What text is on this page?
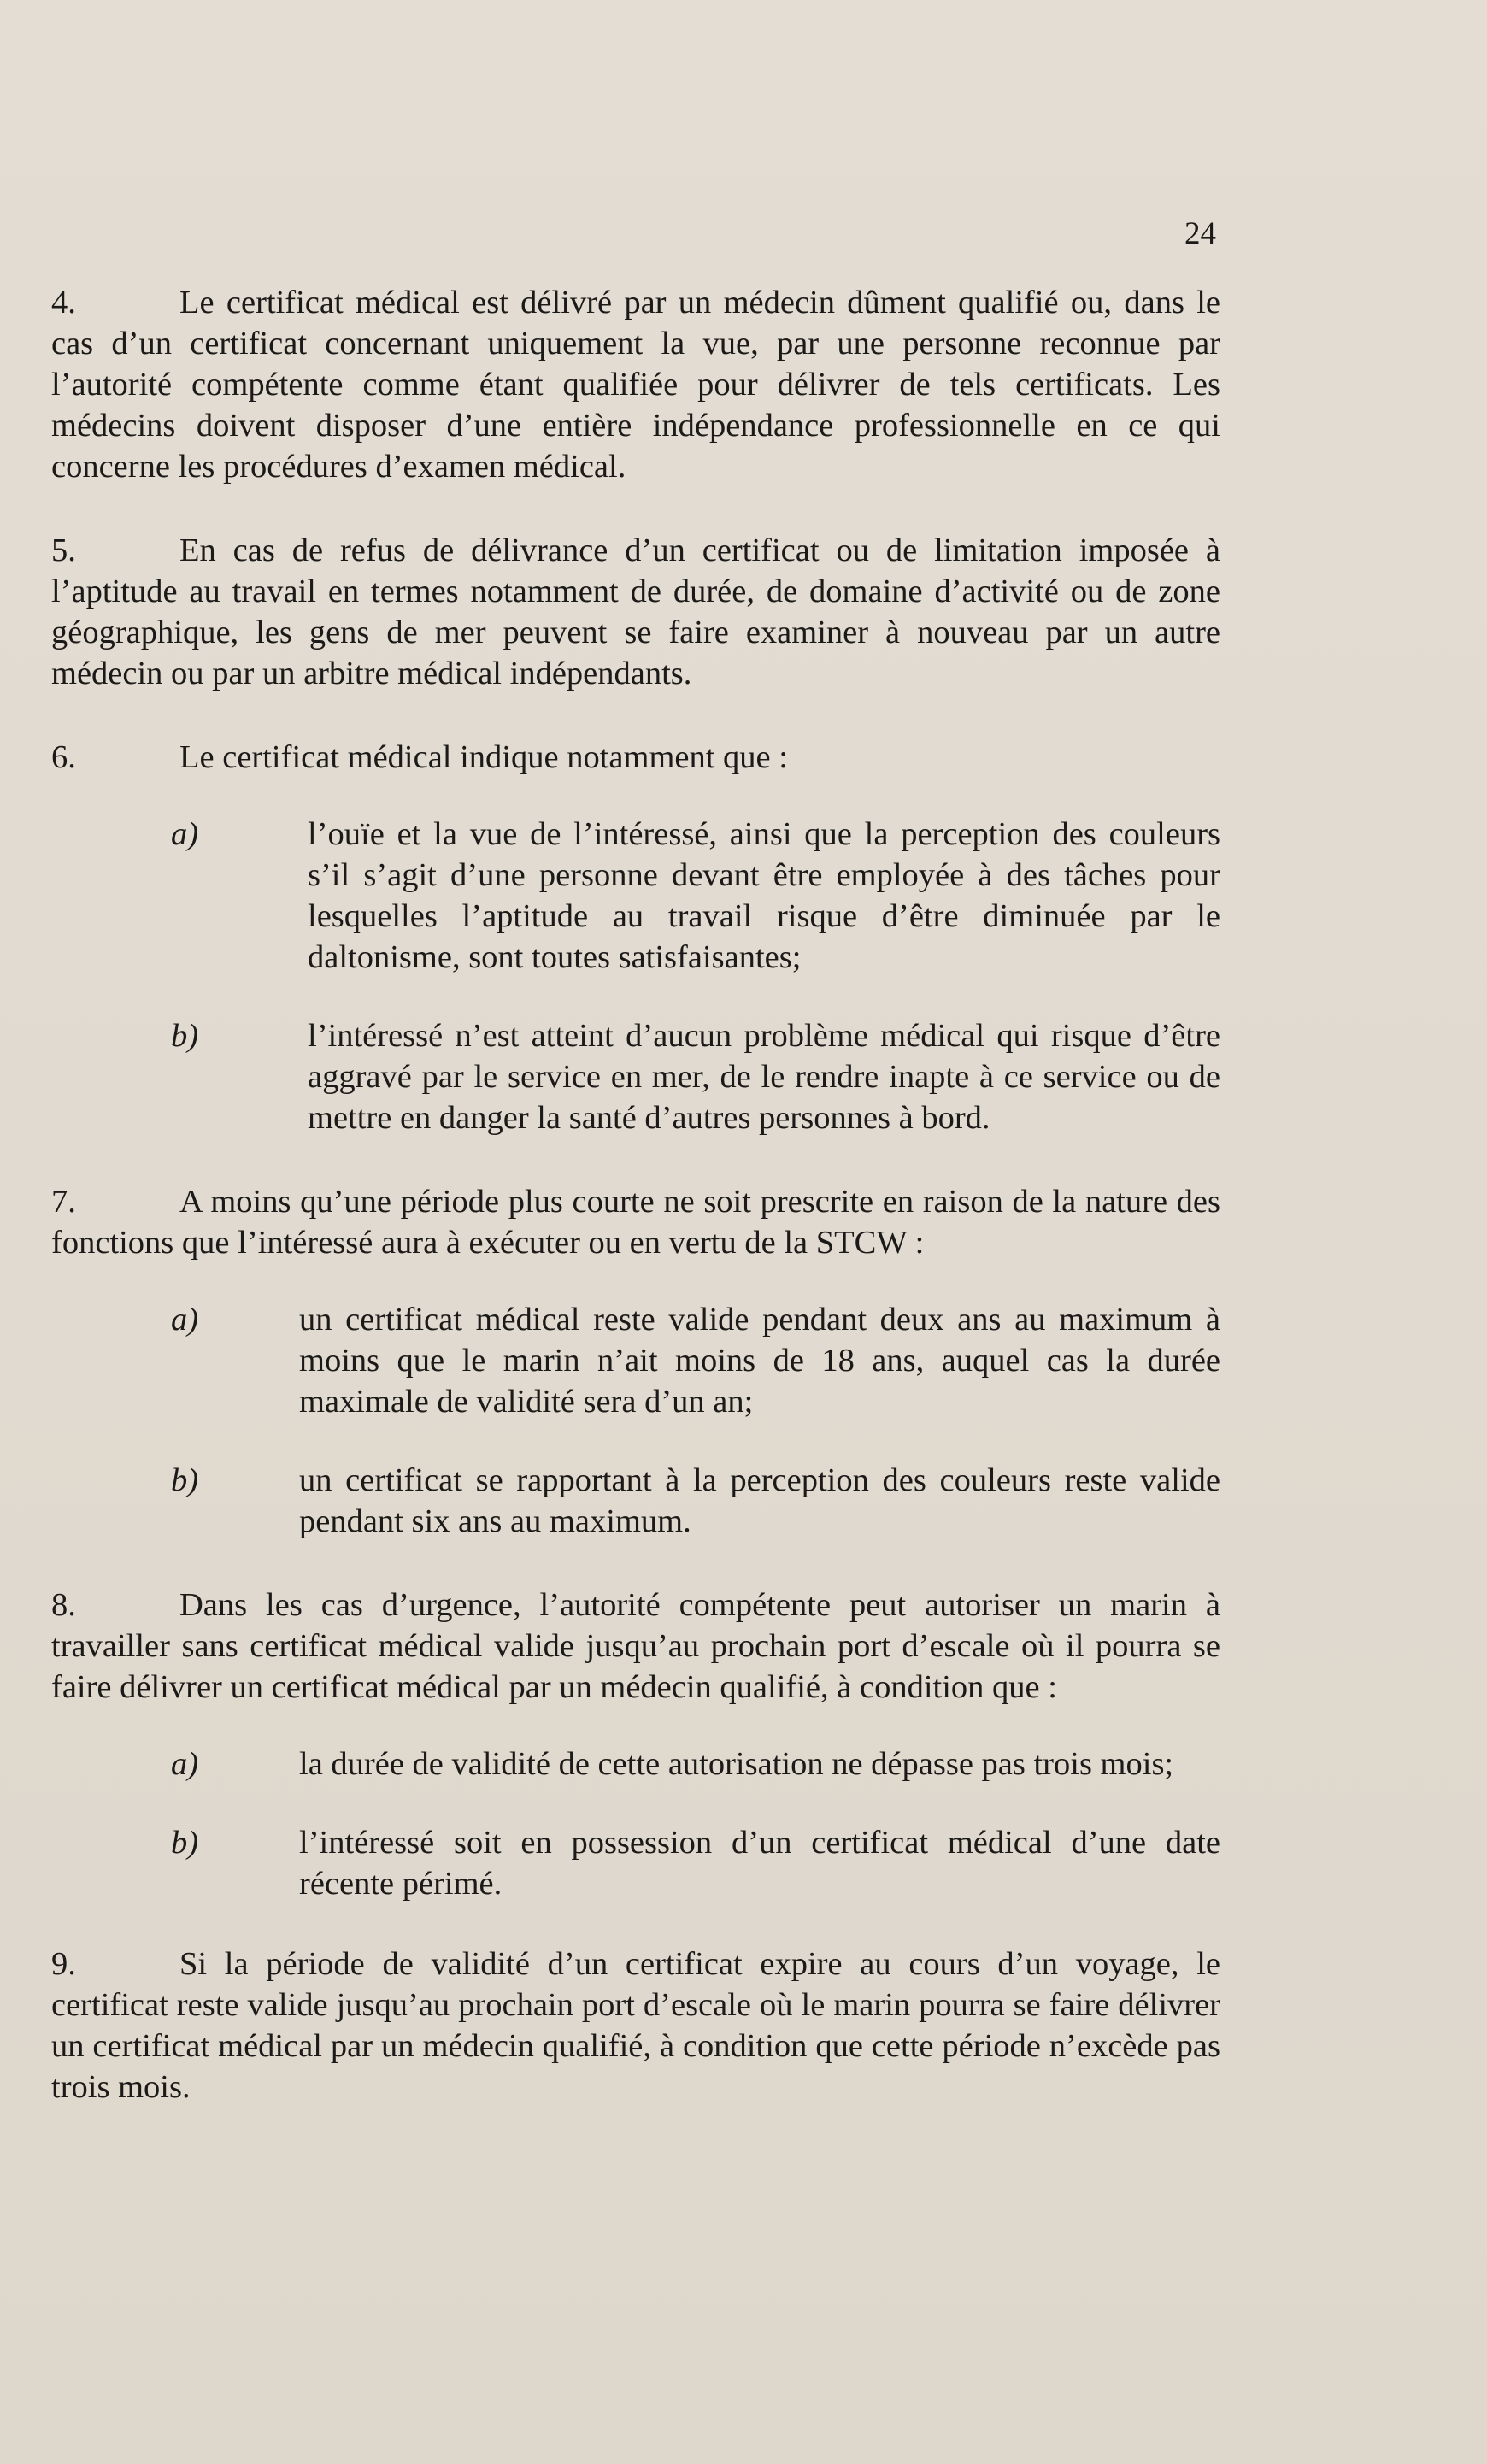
24

4.	Le certificat médical est délivré par un médecin dûment qualifié ou, dans le cas d’un certificat concernant uniquement la vue, par une personne reconnue par l’autorité compétente comme étant qualifiée pour délivrer de tels certificats. Les médecins doivent disposer d’une entière indépendance professionnelle en ce qui concerne les procédures d’examen médical.

5.	En cas de refus de délivrance d’un certificat ou de limitation imposée à l’aptitude au travail en termes notamment de durée, de domaine d’activité ou de zone géographique, les gens de mer peuvent se faire examiner à nouveau par un autre médecin ou par un arbitre médical indépendants.

6.	Le certificat médical indique notamment que :

a)	l’ouïe et la vue de l’intéressé, ainsi que la perception des couleurs s’il s’agit d’une personne devant être employée à des tâches pour lesquelles l’aptitude au travail risque d’être diminuée par le daltonisme, sont toutes satisfaisantes;
b)	l’intéressé n’est atteint d’aucun problème médical qui risque d’être aggravé par le service en mer, de le rendre inapte à ce service ou de mettre en danger la santé d’autres personnes à bord.

7.	A moins qu’une période plus courte ne soit prescrite en raison de la nature des fonctions que l’intéressé aura à exécuter ou en vertu de la STCW :

a)	un certificat médical reste valide pendant deux ans au maximum à moins que le marin n’ait moins de 18 ans, auquel cas la durée maximale de validité sera d’un an;
b)	un certificat se rapportant à la perception des couleurs reste valide pendant six ans au maximum.

8.	Dans les cas d’urgence, l’autorité compétente peut autoriser un marin à travailler sans certificat médical valide jusqu’au prochain port d’escale où il pourra se faire délivrer un certificat médical par un médecin qualifié, à condition que :

a)	la durée de validité de cette autorisation ne dépasse pas trois mois;
b)	l’intéressé soit en possession d’un certificat médical d’une date récente périmé.

9.	Si la période de validité d’un certificat expire au cours d’un voyage, le certificat reste valide jusqu’au prochain port d’escale où le marin pourra se faire délivrer un certificat médical par un médecin qualifié, à condition que cette période n’excède pas trois mois.
